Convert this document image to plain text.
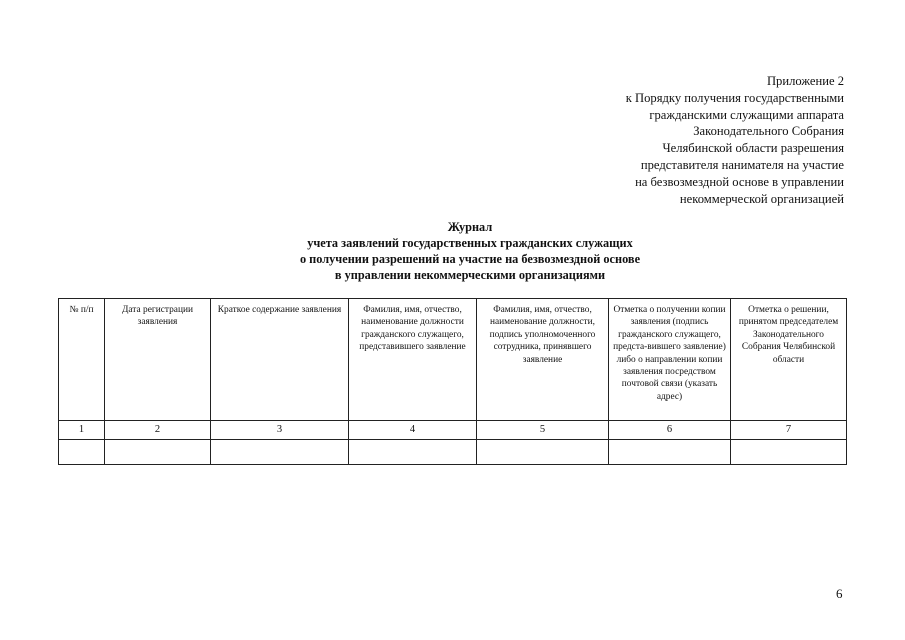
Приложение 2
к Порядку получения государственными
гражданскими служащими аппарата
Законодательного Собрания
Челябинской области разрешения
представителя нанимателя на участие
на безвозмездной основе в управлении
некоммерческой организацией
Журнал
учета заявлений государственных гражданских служащих
о получении разрешений на участие на безвозмездной основе
в управлении некоммерческими организациями
№ п/п	Дата регистрации заявления	Краткое содержание заявления	Фамилия, имя, отчество, наименование должности гражданского служащего, представившего заявление	Фамилия, имя, отчество, наименование должности, подпись уполномоченного сотрудника, принявшего заявление	Отметка о получении копии заявления (подпись гражданского служащего, предста-вившего заявление) либо о направлении копии заявления посредством почтовой связи (указать адрес)	Отметка о решении, принятом председателем Законодательного Собрания Челябинской области
1	2	3	4	5	6	7

6
